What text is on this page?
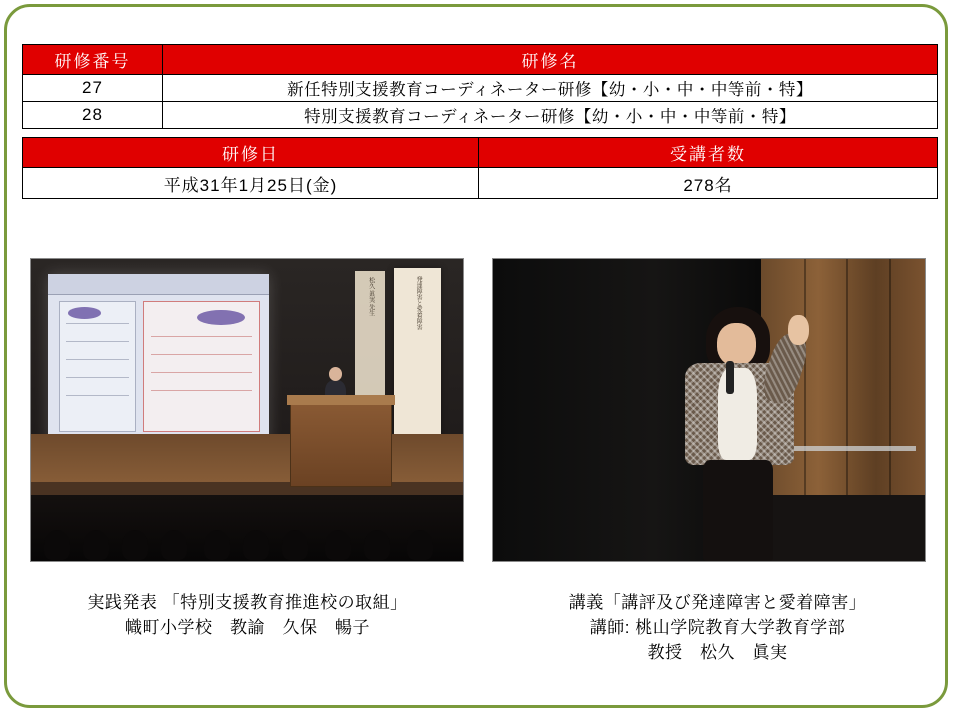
研修番号	研修名
27	新任特別支援教育コーディネーター研修【幼・小・中・中等前・特】
28	特別支援教育コーディネーター研修【幼・小・中・中等前・特】
研修日	受講者数
平成31年1月25日(金)	278名
松久 眞実 先生	発達障害と愛着障害
実践発表 「特別支援教育推進校の取組」
幟町小学校　教諭　久保　暢子
講義「講評及び発達障害と愛着障害」
講師: 桃山学院教育大学教育学部
教授　松久　眞実
